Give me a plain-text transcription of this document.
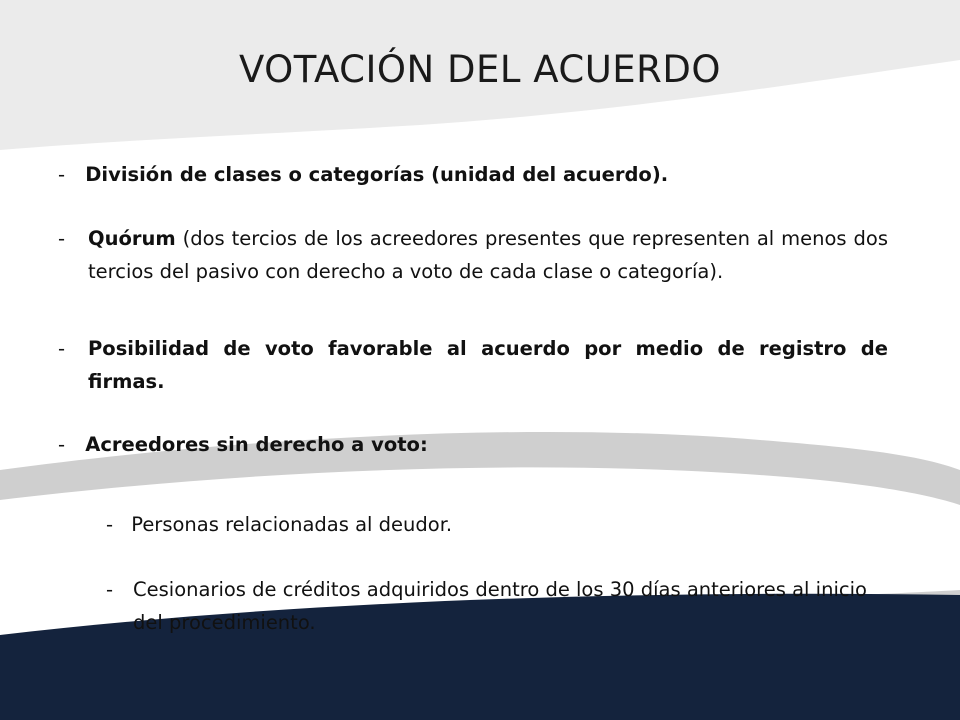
VOTACIÓN DEL ACUERDO
- División de clases o categorías (unidad del acuerdo).
-	Quórum (dos tercios de los acreedores presentes que representen al menos dos tercios del pasivo con derecho a voto de cada clase o categoría).
-	Posibilidad de voto favorable al acuerdo por medio de registro de firmas.
- Acreedores sin derecho a voto:
- Personas relacionadas al deudor.
-	Cesionarios de créditos adquiridos dentro de los 30 días anteriores al inicio del procedimiento.
